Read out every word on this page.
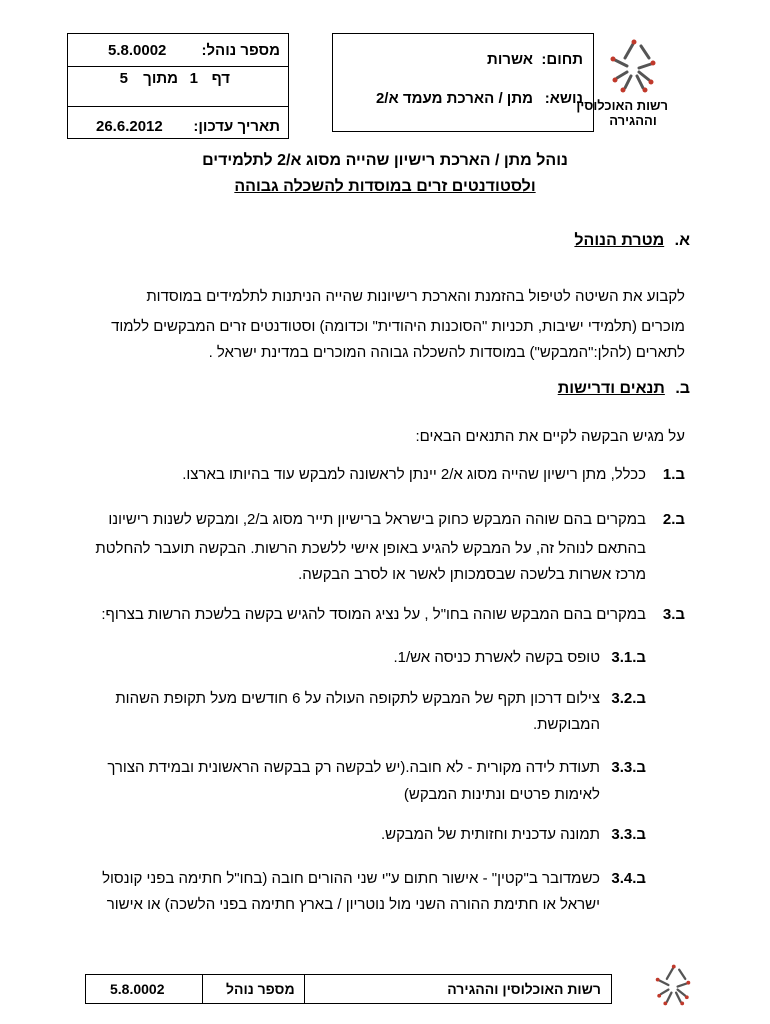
רשות האוכלוסין
וההגירה
תחום:
אשרות
נושא:
מתן / הארכת מעמד א/2
מספר נוהל:
5.8.0002
דף
1
מתוך
5
תאריך עדכון:
26.6.2012
נוהל מתן / הארכת רישיון שהייה מסוג א/2 לתלמידים
ולסטודנטים זרים במוסדות להשכלה גבוהה
א. מטרת הנוהל
לקבוע את השיטה לטיפול בהזמנת והארכת רישיונות שהייה הניתנות לתלמידים במוסדות
מוכרים (תלמידי ישיבות, תכניות "הסוכנות היהודית" וכדומה) וסטודנטים זרים המבקשים ללמוד
לתארים (להלן:"המבקש") במוסדות להשכלה גבוהה המוכרים במדינת ישראל .
ב. תנאים ודרישות
על מגיש הבקשה לקיים את התנאים הבאים:
ב.1
ככלל, מתן רישיון שהייה מסוג א/2 יינתן לראשונה למבקש עוד בהיותו בארצו.
ב.2
במקרים בהם שוהה המבקש כחוק בישראל ברישיון תייר מסוג ב/2, ומבקש לשנות רישיונו
בהתאם לנוהל זה, על המבקש להגיע באופן אישי ללשכת הרשות. הבקשה תועבר להחלטת
מרכז אשרות בלשכה שבסמכותן לאשר או לסרב הבקשה.
ב.3
במקרים בהם המבקש שוהה בחו"ל , על נציג המוסד להגיש בקשה בלשכת הרשות בצרוף:
ב.3.1
טופס בקשה לאשרת כניסה אש/1.
ב.3.2
צילום דרכון תקף של המבקש לתקופה העולה על 6 חודשים מעל תקופת השהות
המבוקשת.
ב.3.3
תעודת לידה מקורית - לא חובה.(יש לבקשה רק בבקשה הראשונית ובמידת הצורך
לאימות פרטים ונתינות המבקש)
ב.3.3
תמונה עדכנית וחזותית של המבקש.
ב.3.4
כשמדובר ב"קטין" - אישור חתום ע"י שני ההורים חובה (בחו"ל חתימה בפני קונסול
ישראל או חתימת ההורה השני מול נוטריון / בארץ חתימה בפני הלשכה) או אישור
רשות האוכלוסין וההגירה
מספר נוהל
5.8.0002
